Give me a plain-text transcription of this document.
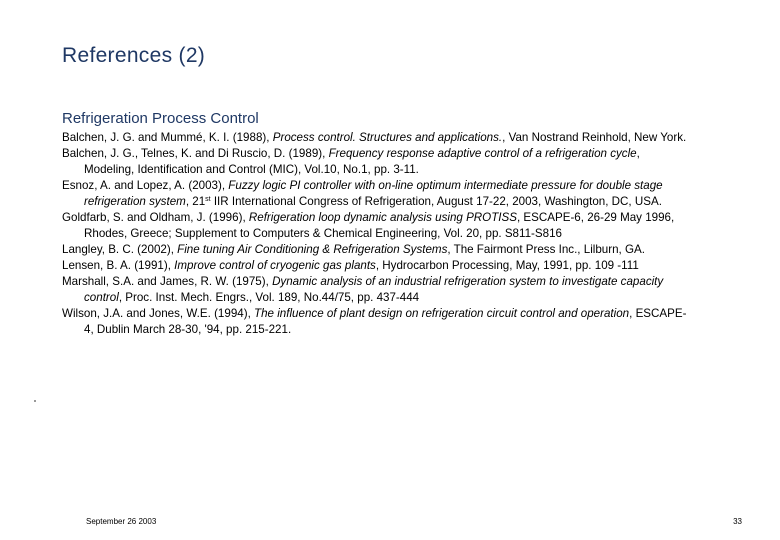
References (2)
Refrigeration Process Control
Balchen, J. G. and Mummé, K. I. (1988), Process control. Structures and applications., Van Nostrand Reinhold, New York.
Balchen, J. G., Telnes, K. and Di Ruscio, D. (1989), Frequency response adaptive control of a refrigeration cycle, Modeling, Identification and Control (MIC), Vol.10, No.1, pp. 3-11.
Esnoz, A. and Lopez, A. (2003), Fuzzy logic PI controller with on-line optimum intermediate pressure for double stage refrigeration system, 21st IIR International Congress of Refrigeration, August 17-22, 2003, Washington, DC, USA.
Goldfarb, S. and Oldham, J. (1996), Refrigeration loop dynamic analysis using PROTISS, ESCAPE-6, 26-29 May 1996, Rhodes, Greece; Supplement to Computers & Chemical Engineering, Vol. 20, pp. S811-S816
Langley, B. C. (2002), Fine tuning Air Conditioning & Refrigeration Systems, The Fairmont Press Inc., Lilburn, GA.
Lensen, B. A. (1991), Improve control of cryogenic gas plants, Hydrocarbon Processing, May, 1991, pp. 109 -111
Marshall, S.A. and James, R. W. (1975), Dynamic analysis of an industrial refrigeration system to investigate capacity control, Proc. Inst. Mech. Engrs., Vol. 189, No.44/75, pp. 437-444
Wilson, J.A. and Jones, W.E. (1994), The influence of plant design on refrigeration circuit control and operation, ESCAPE-4, Dublin March 28-30, '94, pp. 215-221.
September 26 2003	33
